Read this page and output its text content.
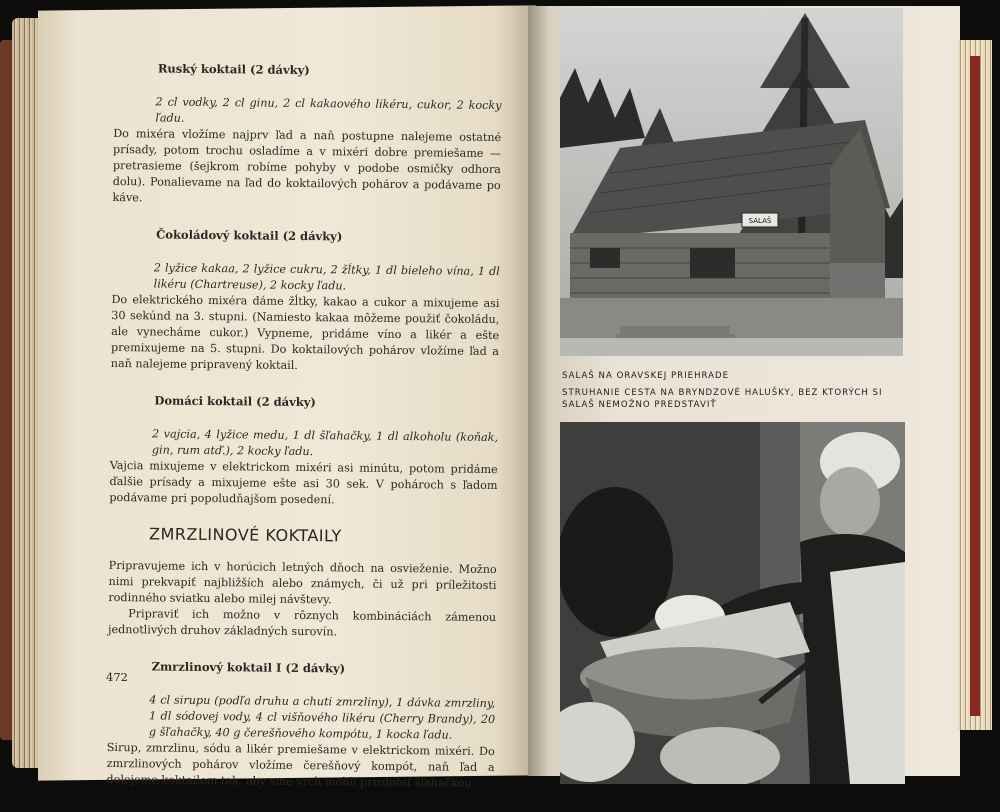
Ruský koktail (2 dávky)
2 cl vodky, 2 cl ginu, 2 cl kakaového likéru, cukor, 2 kocky ľadu.
Do mixéra vložíme najprv ľad a naň postupne nalejeme ostatné prísady, potom trochu osladíme a v mixéri dobre premiešame — pretrasieme (šejkrom robíme pohyby v podobe osmičky odhora dolu). Ponalievame na ľad do koktailových pohárov a podávame po káve.
Čokoládový koktail (2 dávky)
2 lyžice kakaa, 2 lyžice cukru, 2 žĺtky, 1 dl bieleho vína, 1 dl likéru (Chartreuse), 2 kocky ľadu.
Do elektrického mixéra dáme žĺtky, kakao a cukor a mixujeme asi 30 sekúnd na 3. stupni. (Namiesto kakaa môžeme použiť čokoládu, ale vynecháme cukor.) Vypneme, pridáme víno a likér a ešte premixujeme na 5. stupni. Do koktailových pohárov vložíme ľad a naň nalejeme pripravený koktail.
Domáci koktail (2 dávky)
2 vajcia, 4 lyžice medu, 1 dl šľahačky, 1 dl alkoholu (koňak, gin, rum atď.), 2 kocky ľadu.
Vajcia mixujeme v elektrickom mixéri asi minútu, potom pridáme ďalšie prísady a mixujeme ešte asi 30 sek. V pohároch s ľadom podávame pri popoludňajšom posedení.
ZMRZLINOVÉ KOKTAILY

Pripravujeme ich v horúcich letných dňoch na osvieženie. Možno nimi prekvapiť najbližších alebo známych, či už pri príležitosti rodinného sviatku alebo milej návštevy.

Pripraviť ich možno v rôznych kombináciách zámenou jednotlivých druhov základných surovín.

Zmrzlinový koktail I (2 dávky)
4 cl sirupu (podľa druhu a chuti zmrzliny), 1 dávka zmrzliny, 1 dl sódovej vody, 4 cl višňového likéru (Cherry Brandy), 20 g šľahačky, 40 g čerešňového kompótu, 1 kocka ľadu.
Sirup, zmrzlinu, sódu a likér premiešame v elektrickom mixéri. Do zmrzlinových pohárov vložíme čerešňový kompót, naň ľad a dolejeme koktailom tak, aby sme vrch mohli prizdobiť šľahačkou.
472
SALAŠ
SALAŠ NA ORAVSKEJ PRIEHRADE
STRUHANIE CESTA NA BRYNDZOVÉ HALUŠKY, BEZ KTORÝCH SI SALAŠ NEMOŽNO PREDSTAVIŤ
